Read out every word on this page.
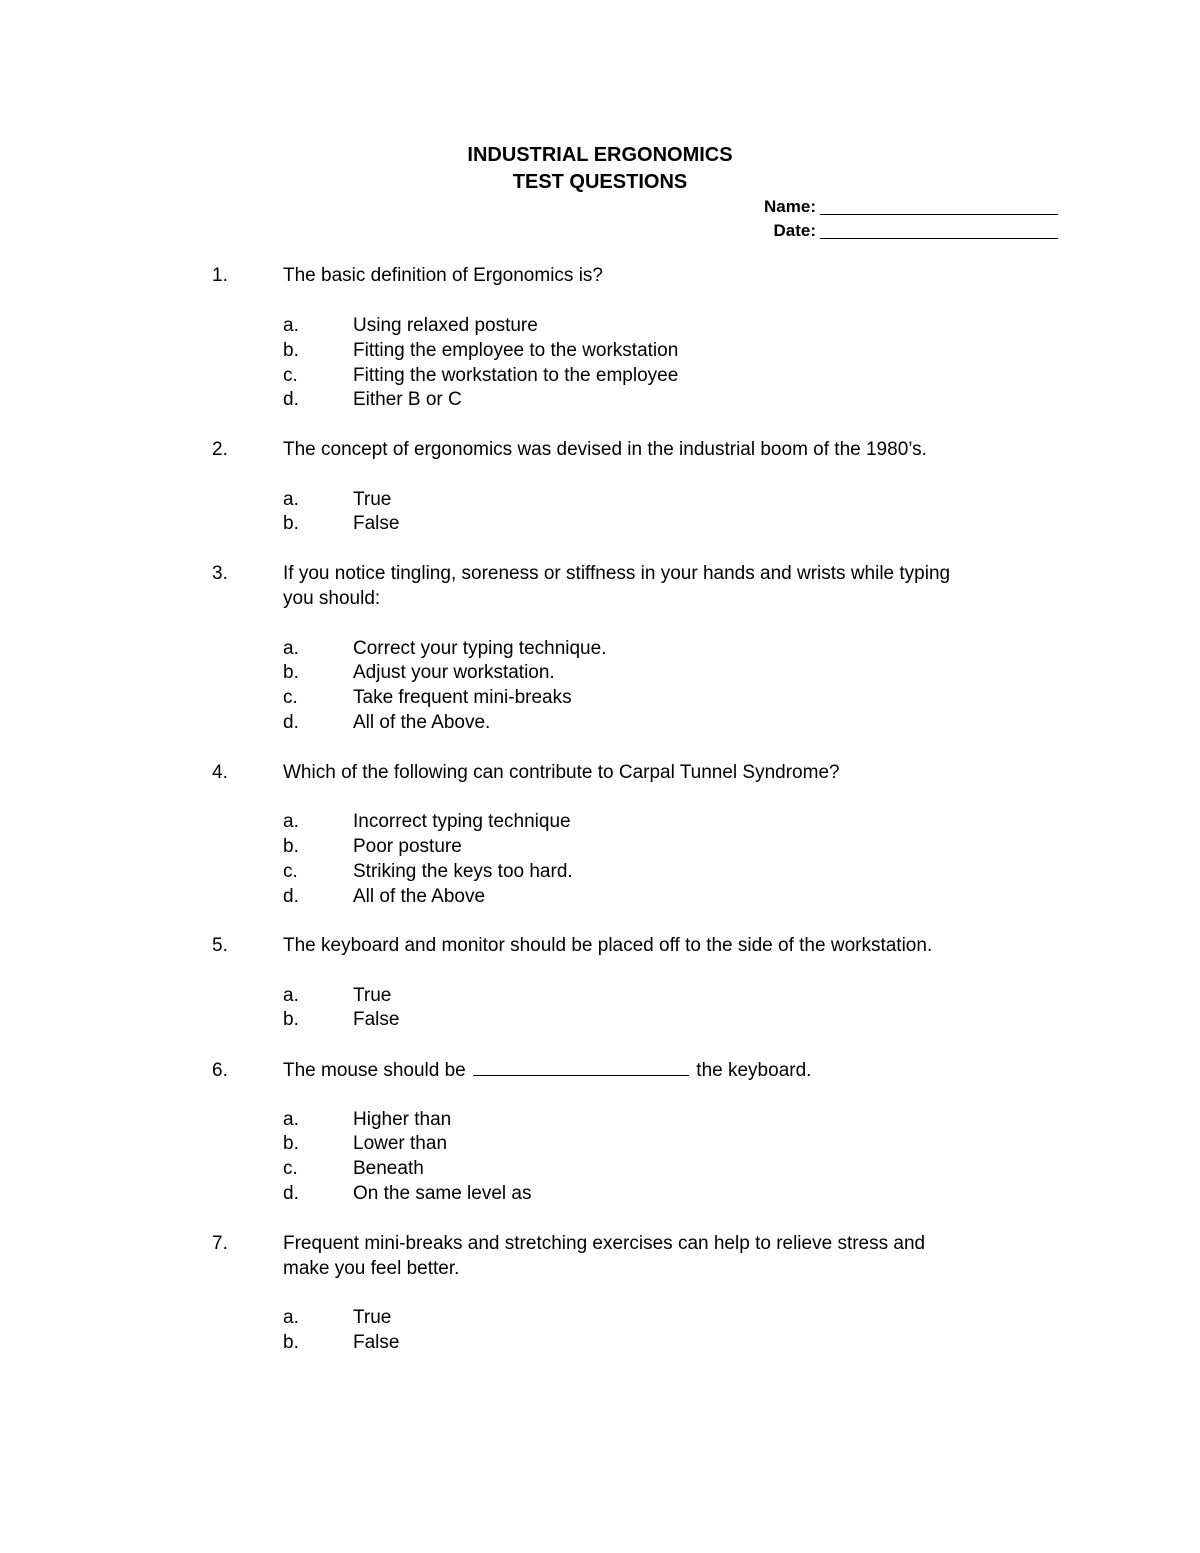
INDUSTRIAL ERGONOMICS
TEST QUESTIONS
Name:
Date:
1.	The basic definition of Ergonomics is?
a.	Using relaxed posture
b.	Fitting the employee to the workstation
c.	Fitting the workstation to the employee
d.	Either B or C
2.	The concept of ergonomics was devised in the industrial boom of the 1980’s.
a.	True
b.	False
3.	If you notice tingling, soreness or stiffness in your hands and wrists while typing
you should:
a.	Correct your typing technique.
b.	Adjust your workstation.
c.	Take frequent mini-breaks
d.	All of the Above.
4.	Which of the following can contribute to Carpal Tunnel Syndrome?
a.	Incorrect typing technique
b.	Poor posture
c.	Striking the keys too hard.
d.	All of the Above
5.	The keyboard and monitor should be placed off to the side of the workstation.
a.	True
b.	False
6.	The mouse should be	the keyboard.
a.	Higher than
b.	Lower than
c.	Beneath
d.	On the same level as
7.	Frequent mini-breaks and stretching exercises can help to relieve stress and
make you feel better.
a.	True
b.	False
